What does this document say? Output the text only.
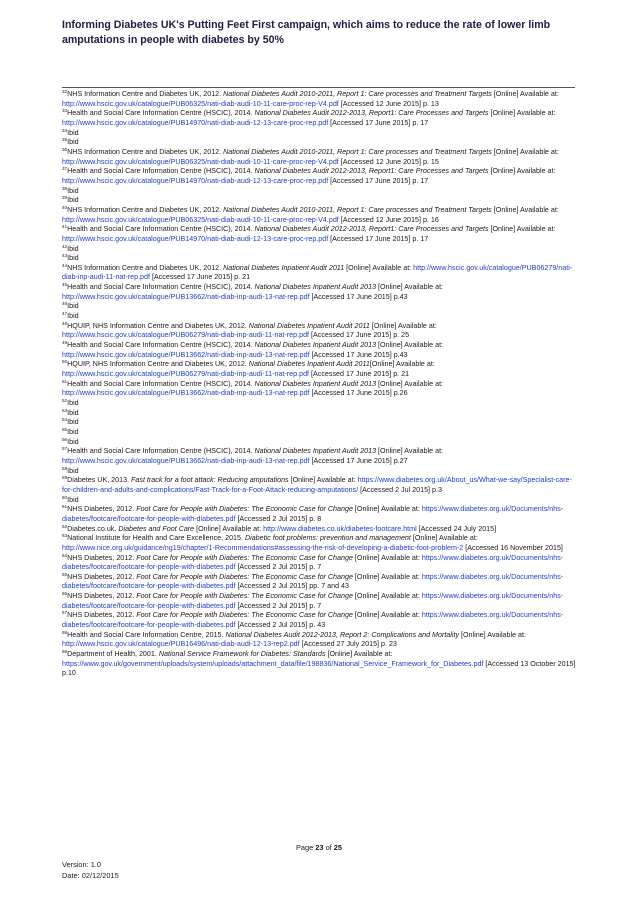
Informing Diabetes UK's Putting Feet First campaign, which aims to reduce the rate of lower limb amputations in people with diabetes by 50%

$^{32}$NHS Information Centre and Diabetes UK, 2012. National Diabetes Audit 2010-2011, Report 1: Care processes and Treatment Targets [Online] Available at: http://www.hscic.gov.uk/catalogue/PUB06325/nati-diab-audi-10-11-care-proc-rep-V4.pdf [Accessed 12 June 2015] p. 13

$^{33}$Health and Social Care Information Centre (HSCIC), 2014. National Diabetes Audit 2012-2013, Report1: Care Processes and Targets [Online] Available at: http://www.hscic.gov.uk/catalogue/PUB14970/nati-diab-audi-12-13-care-proc-rep.pdf [Accessed 17 June 2015] p. 17

$^{34}$Ibid

$^{35}$Ibid

$^{36}$NHS Information Centre and Diabetes UK, 2012. National Diabetes Audit 2010-2011, Report 1: Care processes and Treatment Targets [Online] Available at: http://www.hscic.gov.uk/catalogue/PUB06325/nati-diab-audi-10-11-care-proc-rep-V4.pdf [Accessed 12 June 2015] p. 15

$^{37}$Health and Social Care Information Centre (HSCIC), 2014. National Diabetes Audit 2012-2013, Report1: Care Processes and Targets [Online] Available at: http://www.hscic.gov.uk/catalogue/PUB14970/nati-diab-audi-12-13-care-proc-rep.pdf [Accessed 17 June 2015] p. 17

$^{38}$Ibid

$^{39}$Ibid

$^{40}$NHS Information Centre and Diabetes UK, 2012. National Diabetes Audit 2010-2011, Report 1: Care processes and Treatment Targets [Online] Available at: http://www.hscic.gov.uk/catalogue/PUB06325/nati-diab-audi-10-11-care-proc-rep-V4.pdf [Accessed 12 June 2015] p. 16

$^{41}$Health and Social Care Information Centre (HSCIC), 2014. National Diabetes Audit 2012-2013, Report1: Care Processes and Targets [Online] Available at: http://www.hscic.gov.uk/catalogue/PUB14970/nati-diab-audi-12-13-care-proc-rep.pdf [Accessed 17 June 2015] p. 17

$^{42}$Ibid

$^{43}$Ibid

$^{44}$NHS Information Centre and Diabetes UK, 2012. National Diabetes Inpatient Audit 2011 [Online] Available at: http://www.hscic.gov.uk/catalogue/PUB06279/nati-diab-inp-audi-11-nat-rep.pdf [Accessed 17 June 2015] p. 21

$^{45}$Health and Social Care Information Centre (HSCIC), 2014. National Diabetes Inpatient Audit 2013 [Online] Available at: http://www.hscic.gov.uk/catalogue/PUB13662/nati-diab-inp-audi-13-nat-rep.pdf [Accessed 17 June 2015] p.43

$^{46}$Ibid

$^{47}$Ibid

$^{48}$HQUIP, NHS Information Centre and Diabetes UK, 2012. National Diabetes Inpatient Audit 2011 [Online] Available at: http://www.hscic.gov.uk/catalogue/PUB06279/nati-diab-inp-audi-11-nat-rep.pdf [Accessed 17 June 2015] p. 25

$^{49}$Health and Social Care Information Centre (HSCIC), 2014. National Diabetes Inpatient Audit 2013 [Online] Available at: http://www.hscic.gov.uk/catalogue/PUB13662/nati-diab-inp-audi-13-nat-rep.pdf [Accessed 17 June 2015] p.43

$^{50}$HQUIP, NHS Information Centre and Diabetes UK, 2012. National Diabetes Inpatient Audit 2011[Online] Available at: http://www.hscic.gov.uk/catalogue/PUB06279/nati-diab-inp-audi-11-nat-rep.pdf [Accessed 17 June 2015] p. 21

$^{51}$Health and Social Care Information Centre (HSCIC), 2014. National Diabetes Inpatient Audit 2013 [Online] Available at: http://www.hscic.gov.uk/catalogue/PUB13662/nati-diab-inp-audi-13-nat-rep.pdf [Accessed 17 June 2015] p.26

$^{52}$Ibid

$^{53}$Ibid

$^{54}$Ibid

$^{55}$Ibid

$^{56}$Ibid

$^{57}$Health and Social Care Information Centre (HSCIC), 2014. National Diabetes Inpatient Audit 2013 [Online] Available at: http://www.hscic.gov.uk/catalogue/PUB13662/nati-diab-inp-audi-13-nat-rep.pdf [Accessed 17 June 2015] p.27

$^{58}$Ibid

$^{59}$Diabetes UK, 2013. Fast track for a foot attack: Reducing amputations [Online] Available at: https://www.diabetes.org.uk/About_us/What-we-say/Specialist-care-for-children-and-adults-and-complications/Fast-Track-for-a-Foot-Attack-reducing-amputations/ [Accessed 2 Jul 2015] p.3

$^{60}$Ibid

$^{61}$NHS Diabetes, 2012. Foot Care for People with Diabetes: The Economic Case for Change [Online] Available at: https://www.diabetes.org.uk/Documents/nhs-diabetes/footcare/footcare-for-people-with-diabetes.pdf [Accessed 2 Jul 2015] p. 8

$^{62}$Diabetes.co.uk. Diabetes and Foot Care [Online] Available at: http://www.diabetes.co.uk/diabetes-footcare.html [Accessed 24 July 2015]

$^{63}$National Institute for Health and Care Excellence, 2015. Diabetic foot problems: prevention and management [Online] Available at: http://www.nice.org.uk/guidance/ng19/chapter/1-Recommendations#assessing-the-risk-of-developing-a-diabetic-foot-problem-2 [Accessed 16 November 2015]

$^{64}$NHS Diabetes, 2012. Foot Care for People with Diabetes: The Economic Case for Change [Online] Available at: https://www.diabetes.org.uk/Documents/nhs-diabetes/footcare/footcare-for-people-with-diabetes.pdf [Accessed 2 Jul 2015] p. 7

$^{65}$NHS Diabetes, 2012. Foot Care for People with Diabetes: The Economic Case for Change [Online] Available at: https://www.diabetes.org.uk/Documents/nhs-diabetes/footcare/footcare-for-people-with-diabetes.pdf [Accessed 2 Jul 2015] pp. 7 and 43

$^{66}$NHS Diabetes, 2012. Foot Care for People with Diabetes: The Economic Case for Change [Online] Available at: https://www.diabetes.org.uk/Documents/nhs-diabetes/footcare/footcare-for-people-with-diabetes.pdf [Accessed 2 Jul 2015] p. 7

$^{67}$NHS Diabetes, 2012. Foot Care for People with Diabetes: The Economic Case for Change [Online] Available at: https://www.diabetes.org.uk/Documents/nhs-diabetes/footcare/footcare-for-people-with-diabetes.pdf [Accessed 2 Jul 2015] p. 43

$^{68}$Health and Social Care Information Centre, 2015. National Diabetes Audit 2012-2013, Report 2: Complications and Mortality [Online] Available at: http://www.hscic.gov.uk/catalogue/PUB16496/nati-diab-audi-12-13-rep2.pdf [Accessed 27 July 2015] p. 23

$^{69}$Department of Health, 2001. National Service Framework for Diabetes: Standards [Online] Available at: https://www.gov.uk/government/uploads/system/uploads/attachment_data/file/198836/National_Service_Framework_for_Diabetes.pdf [Accessed 13 October 2015] p.10

Page 23 of 25
Version: 1.0
Date: 02/12/2015
